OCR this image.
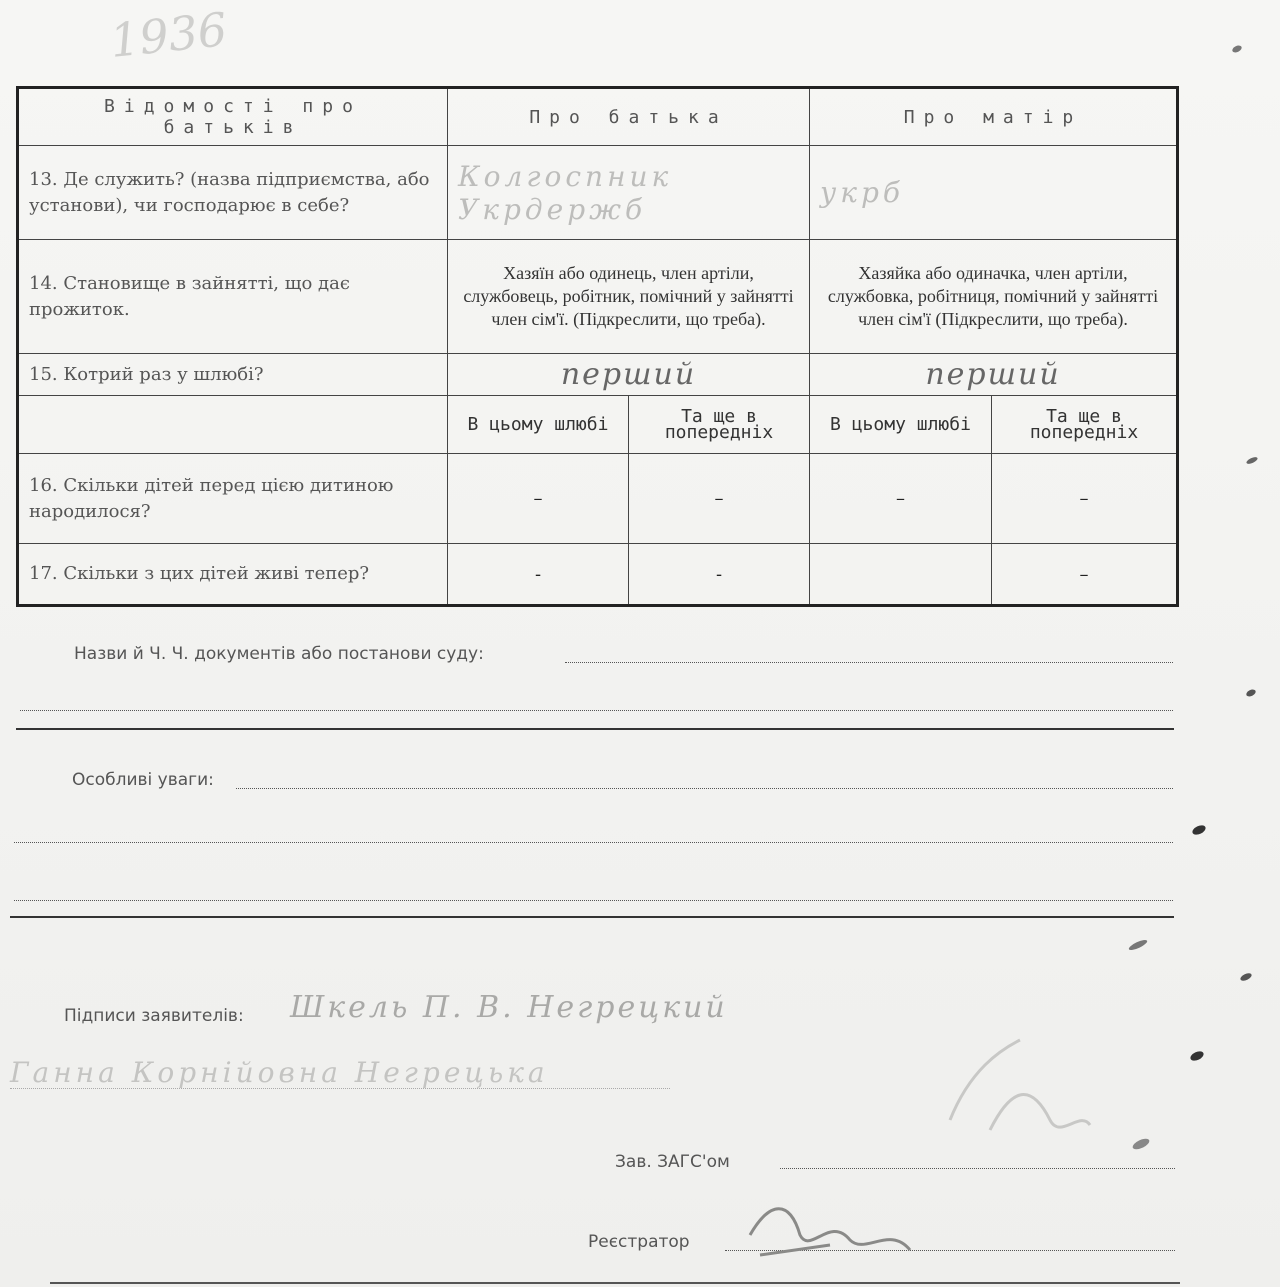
1936
Відомості про батьків	Про батька		Про матір	
13. Де служить? (назва підприємства, або установи), чи господарює в себе?	Колгоспник Укрдержб		укрб	
14. Становище в зайнятті, що дає прожиток.	Хазяїн або одинець, член артіли, службовець, робітник, помічний у зайнятті член сім'ї. (Підкреслити, що треба).		Хазяйка або одиначка, член артіли, службовка, робітниця, помічний у зайнятті член сім'ї (Підкреслити, що треба).	
15. Котрий раз у шлюбі?	перший		перший	
	В цьому шлюбі	Та ще в попередніх	В цьому шлюбі	Та ще в попередніх
16. Скільки дітей перед цією дитиною народилося?	–	–	–	–
17. Скільки з цих дітей живі тепер?	-	-		–
Назви й Ч. Ч. документів або постанови суду:
Особливі уваги:
Підписи заявителів: Шкель П. В. Негрецкий
Ганна Корнійовна Негрецька
Зав. ЗАГС'ом
Реєстратор
